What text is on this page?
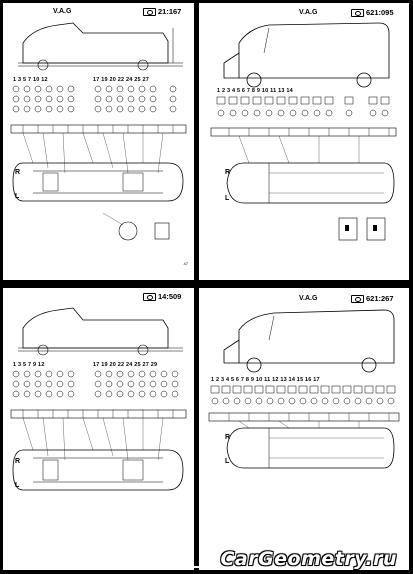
V.A.G	21:167
1 3 5 7 10 12	17 19 20 22 24 25 27
R
L
47
V.A.G	621:095
1 2 3 4 5 6 7 8 9 10 11 13 14
R
L
14:509
1 3 5 7 9 12	17 19 20 22 24 25 27 29
R
L
V.A.G	621:267
1 2 3 4 5 6 7 8 9 10 11 12 13 14 15 16 17
R
L
CarGeometry.ru
